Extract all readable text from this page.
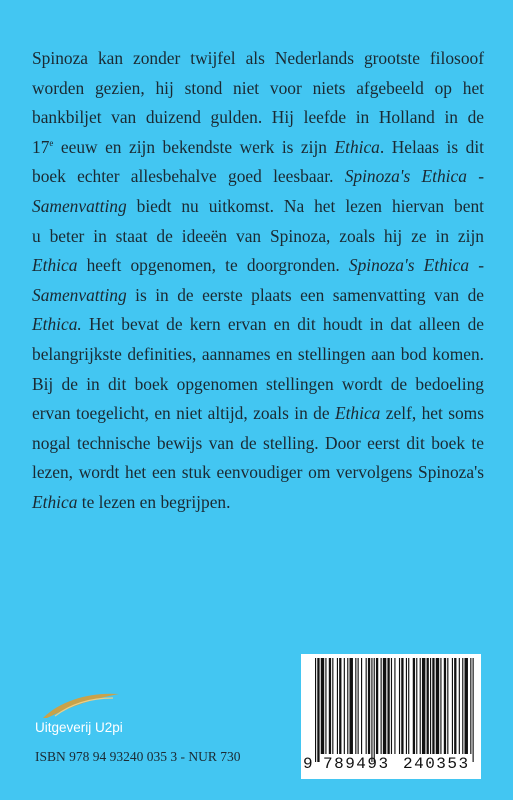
Spinoza kan zonder twijfel als Nederlands grootste filosoof
worden gezien, hij stond niet voor niets afgebeeld op het
bankbiljet van duizend gulden. Hij leefde in Holland in de
17e eeuw en zijn bekendste werk is zijn Ethica. Helaas is dit
boek echter allesbehalve goed leesbaar. Spinoza's Ethica -
Samenvatting biedt nu uitkomst. Na het lezen hiervan bent
u beter in staat de ideeën van Spinoza, zoals hij ze in zijn
Ethica heeft opgenomen, te doorgronden. Spinoza's Ethica -
Samenvatting is in de eerste plaats een samenvatting van de
Ethica. Het bevat de kern ervan en dit houdt in dat alleen de
belangrijkste definities, aannames en stellingen aan bod komen.
Bij de in dit boek opgenomen stellingen wordt de bedoeling
ervan toegelicht, en niet altijd, zoals in de Ethica zelf, het soms
nogal technische bewijs van de stelling. Door eerst dit boek te
lezen, wordt het een stuk eenvoudiger om vervolgens Spinoza's
Ethica te lezen en begrijpen.

Uitgeverij U2pi
ISBN 978 94 93240 035 3 - NUR 730	9 789493 240353
